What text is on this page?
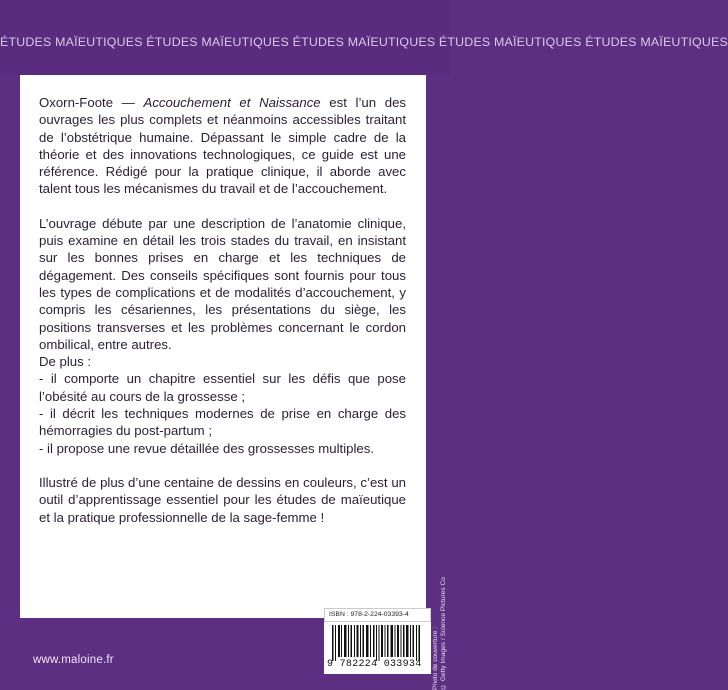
ÉTUDES MAÏEUTIQUES ÉTUDES MAÏEUTIQUES ÉTUDES MAÏEUTIQUES ÉTUDES MAÏEUTIQUES ÉTUDES MAÏEUTIQUES

Oxorn-Foote — Accouchement et Naissance est l’un des ouvrages les plus complets et néanmoins accessibles traitant de l’obstétrique humaine. Dépassant le simple cadre de la théorie et des innovations technologiques, ce guide est une référence. Rédigé pour la pratique clinique, il aborde avec talent tous les mécanismes du travail et de l’accouchement.

L’ouvrage débute par une description de l’anatomie clinique, puis examine en détail les trois stades du travail, en insistant sur les bonnes prises en charge et les techniques de dégagement. Des conseils spécifiques sont fournis pour tous les types de complications et de modalités d’accouchement, y compris les césariennes, les présentations du siège, les positions transverses et les problèmes concernant le cordon ombilical, entre autres.

De plus :

- il comporte un chapitre essentiel sur les défis que pose l’obésité au cours de la grossesse ;

- il décrit les techniques modernes de prise en charge des hémorragies du post-partum ;

- il propose une revue détaillée des grossesses multiples.

Illustré de plus d’une centaine de dessins en couleurs, c’est un outil d’apprentissage essentiel pour les études de maïeutique et la pratique professionnelle de la sage-femme !

ISBN : 978-2-224-03393-4
9 782224 033934	Photo de couverture : © Getty Images / Science Pictures Co
www.maloine.fr
